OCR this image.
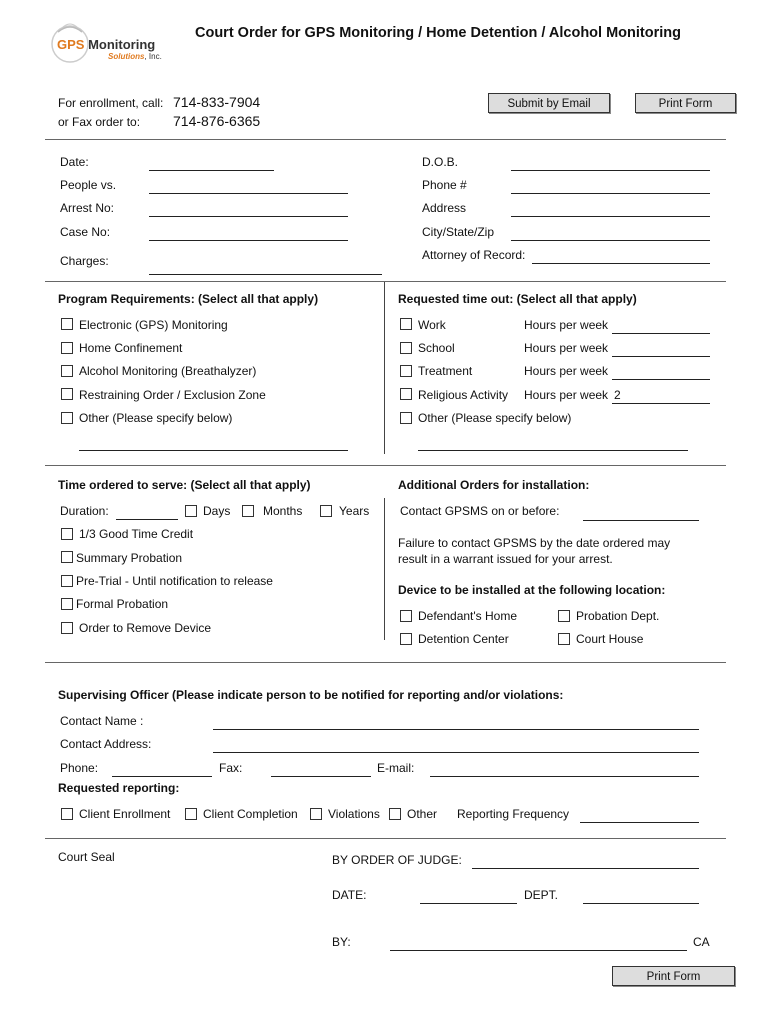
GPS Monitoring
Solutions, Inc.
Court Order for GPS Monitoring / Home Detention / Alcohol Monitoring
For enrollment, call: 714-833-7904
or Fax order to: 714-876-6365
Submit by Email	Print Form
Date:
People vs.
Arrest No:
Case No:
Charges:
D.O.B.
Phone #
Address
City/State/Zip
Attorney of Record:
Program Requirements: (Select all that apply)
Electronic (GPS) Monitoring
Home Confinement
Alcohol Monitoring (Breathalyzer)
Restraining Order / Exclusion Zone
Other (Please specify below)
Requested time out: (Select all that apply)
Work	Hours per week
School	Hours per week
Treatment	Hours per week
Religious Activity Hours per week 2
Other (Please specify below)
Time ordered to serve: (Select all that apply)
Duration:	Days	Months	Years
1/3 Good Time Credit
Summary Probation
Pre-Trial - Until notification to release
Formal Probation
Order to Remove Device
Additional Orders for installation:
Contact GPSMS on or before:
Failure to contact GPSMS by the date ordered may
result in a warrant issued for your arrest.
Device to be installed at the following location:
Defendant's Home	Probation Dept.
Detention Center	Court House
Supervising Officer (Please indicate person to be notified for reporting and/or violations:
Contact Name :
Contact Address:
Phone:	Fax:	E-mail:
Requested reporting:
Client Enrollment	Client Completion	Violations Other Reporting Frequency
Court Seal	BY ORDER OF JUDGE:
DATE:	DEPT.
BY:	CA
Print Form
